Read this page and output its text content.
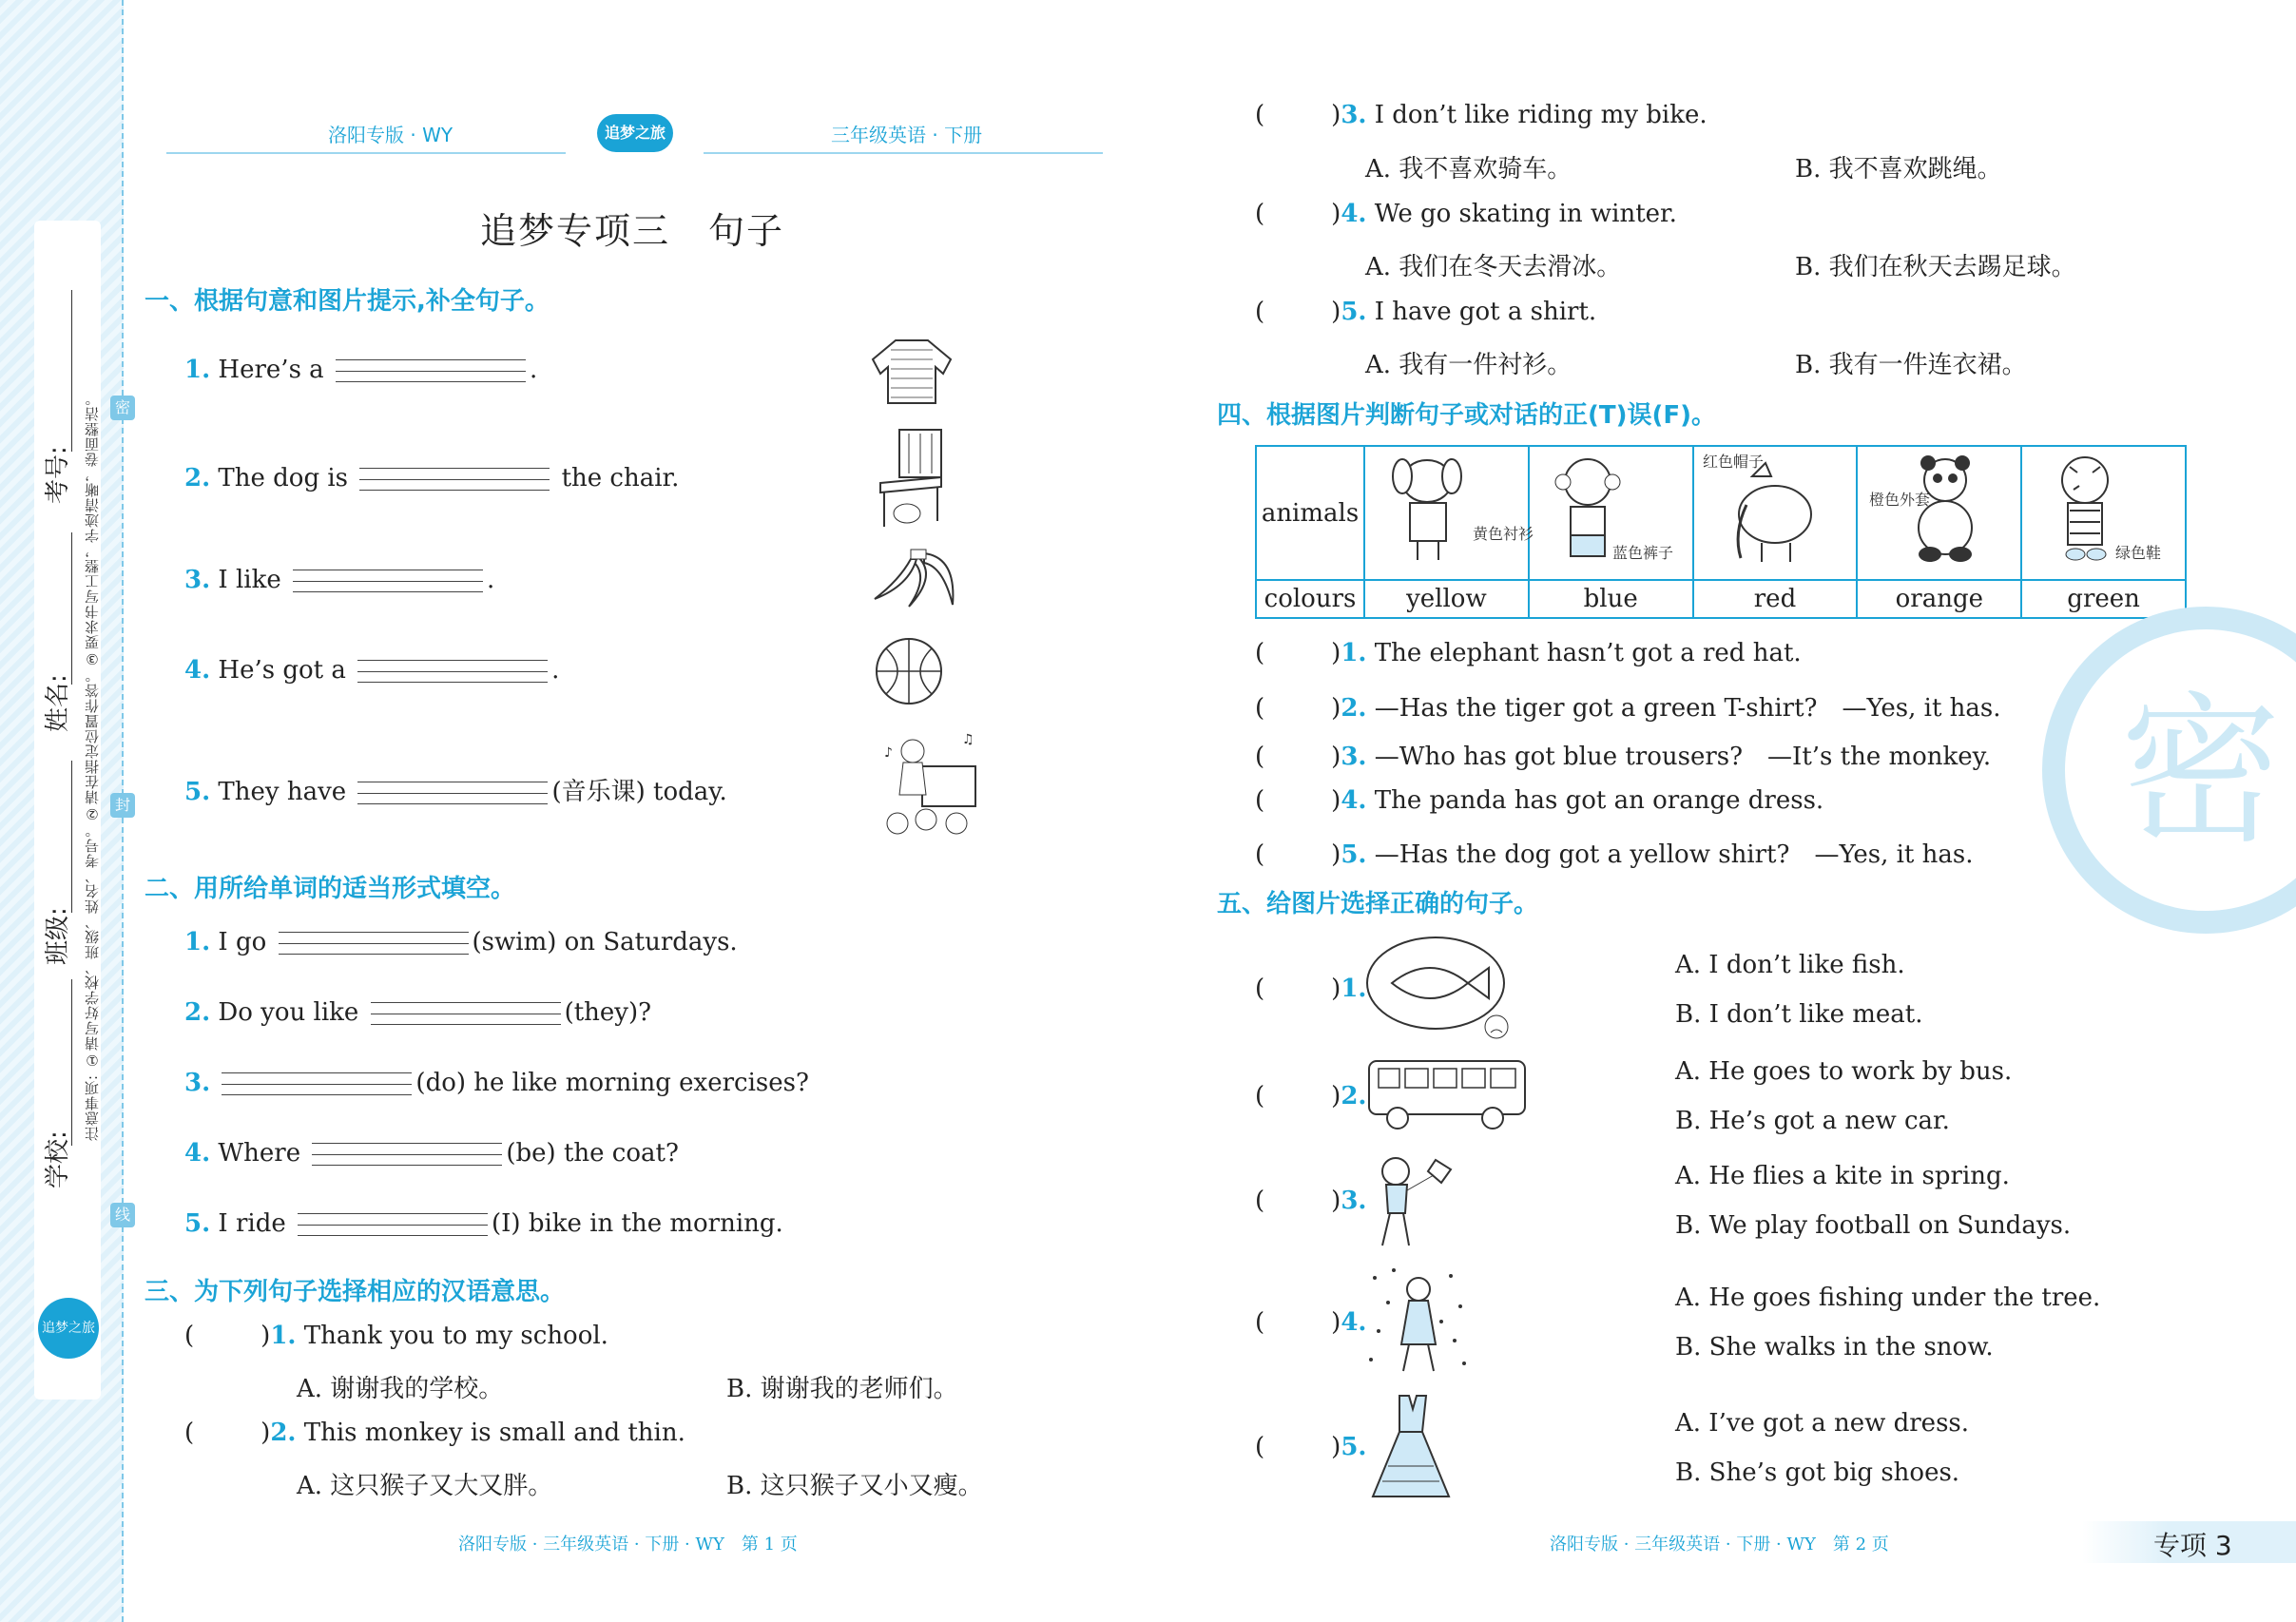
学校:
班级:
姓名:
考号: 注意事项: ①请写好学校、班级、姓名、考号。②请在指定位置作答。③要求书写工整，字迹清晰，卷面整洁。 密
封
线
追梦之旅
洛阳专版 · WY	追梦之旅	三年级英语 · 下册
追梦专项三　句子
一、根据句意和图片提示,补全句子。
1. Here’s a	.
2. The dog is	the chair.
3. I like	.
4. He’s got a	.
5. They have	(音乐课) today.
♪
♫
二、用所给单词的适当形式填空。
1. I go	(swim) on Saturdays.
2. Do you like	(they)?
3.	(do) he like morning exercises?
4. Where	(be) the coat?
5. I ride	(I) bike in the morning.
三、为下列句子选择相应的汉语意思。
(	)1. Thank you to my school.
A. 谢谢我的学校。	B. 谢谢我的老师们。
(	)2. This monkey is small and thin.
A. 这只猴子又大又胖。	B. 这只猴子又小又瘦。
洛阳专版 · 三年级英语 · 下册 · WY　第 1 页
(	)3. I don’t like riding my bike.
A. 我不喜欢骑车。	B. 我不喜欢跳绳。
(	)4. We go skating in winter.
A. 我们在冬天去滑冰。	B. 我们在秋天去踢足球。
(	)5. I have got a shirt.
A. 我有一件衬衫。	B. 我有一件连衣裙。
四、根据图片判断句子或对话的正(T)误(F)。
animals	黄色衬衫	蓝色裤子	红色帽子	橙色外套	绿色鞋

colours	yellow	blue	red	orange	green
(	)1. The elephant hasn’t got a red hat.
(	)2. —Has the tiger got a green T-shirt?　—Yes, it has.
(	)3. —Who has got blue trousers?　—It’s the monkey.
(	)4. The panda has got an orange dress.
(	)5. —Has the dog got a yellow shirt?　—Yes, it has. 密
五、给图片选择正确的句子。
(	)1.
A. I don’t like fish.
B. I don’t like meat.
(	)2.
A. He goes to work by bus.
B. He’s got a new car.
(	)3.
A. He flies a kite in spring.
B. We play football on Sundays.
(	)4.
A. He goes fishing under the tree.
B. She walks in the snow.
(	)5.
A. I’ve got a new dress.
B. She’s got big shoes.
洛阳专版 · 三年级英语 · 下册 · WY　第 2 页	专项 3
